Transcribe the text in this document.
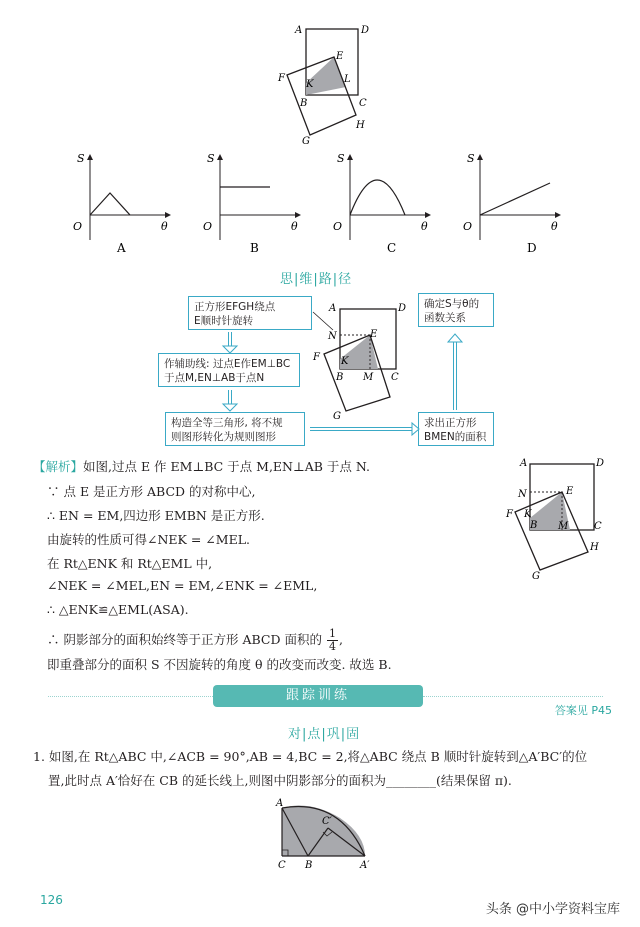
A	D
E
F
K	L
B	C
H
G
S
O	θ
A
S
O	θ
B
S
O	θ
C
S
O	θ
D
思|维|路|径
正方形EFGH绕点
E顺时针旋转
作辅助线: 过点E作EM⊥BC
于点M,EN⊥AB于点N
构造全等三角形, 将不规
则图形转化为规则图形
确定S与θ的
函数关系
求出正方形
BMEN的面积
A	D
N	E
F K
B M C
G
【解析】如图,过点 E 作 EM⊥BC 于点 M,EN⊥AB 于点 N.
∵ 点 E 是正方形 ABCD 的对称中心,
∴ EN = EM,四边形 EMBN 是正方形.
由旋转的性质可得∠NEK = ∠MEL.
在 Rt△ENK 和 Rt△EML 中,
∠NEK = ∠MEL,EN = EM,∠ENK = ∠EML,
∴ △ENK≌△EML(ASA).
∴ 阴影部分的面积始终等于正方形 ABCD 面积的 $\frac{1}{4}$ ,
即重叠部分的面积 S 不因旋转的角度 θ 的改变而改变. 故选 B.
A	D
N	E
F K
B M	C
H
G
跟踪训练
答案见 P45
对|点|巩|固
1. 如图,在 Rt△ABC 中,∠ACB = 90°,AB = 4,BC = 2,将△ABC 绕点 B 顺时针旋转到△A′BC′的位
置,此时点 A′恰好在 CB 的延长线上,则图中阴影部分的面积为________(结果保留 π).
A
C′
C B	A′
126
头条 @中小学资料宝库
